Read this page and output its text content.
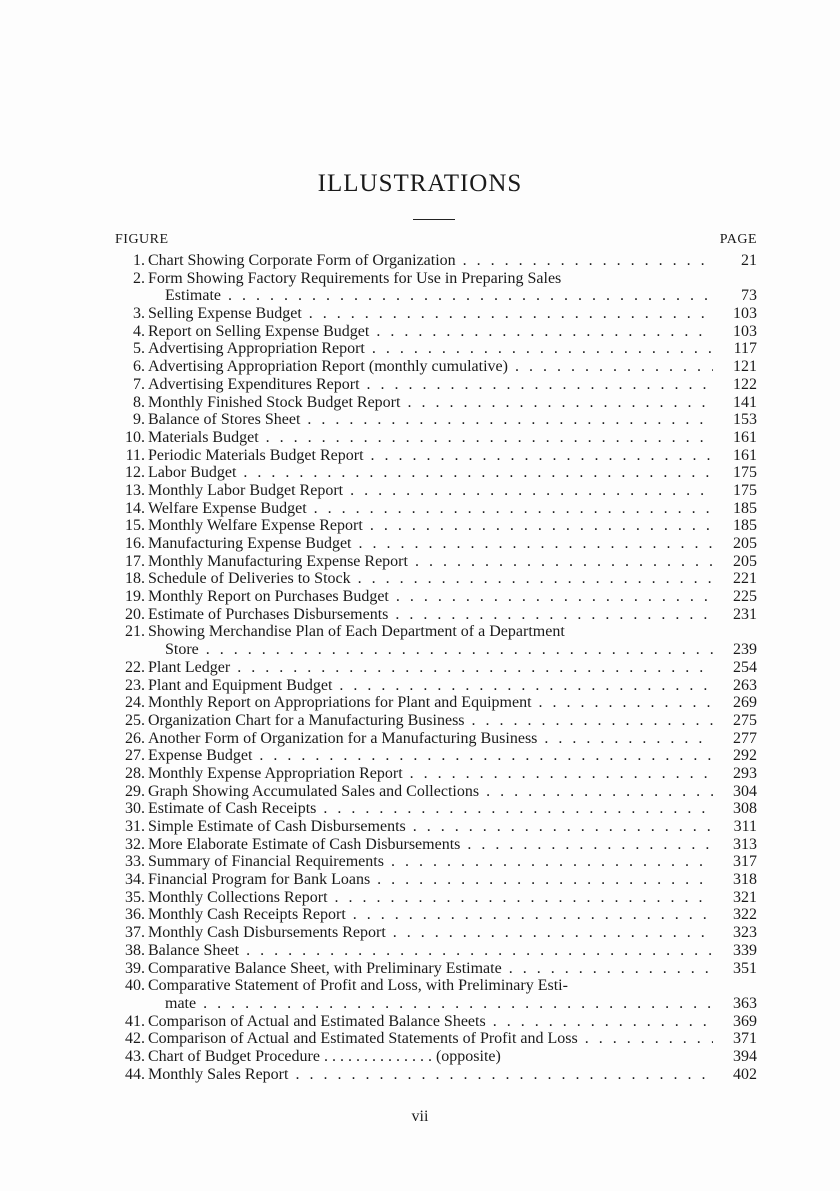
ILLUSTRATIONS
FIGURE	PAGE
1. Chart Showing Corporate Form of Organization . . .	21
2. Form Showing Factory Requirements for Use in Preparing Sales
Estimate . . .	73
3. Selling Expense Budget . . .	103
4. Report on Selling Expense Budget . . .	103
5. Advertising Appropriation Report . . .	117
6. Advertising Appropriation Report (monthly cumulative) . . .	121
7. Advertising Expenditures Report . . .	122
8. Monthly Finished Stock Budget Report . . .	141
9. Balance of Stores Sheet . . .	153
10. Materials Budget . . .	161
11. Periodic Materials Budget Report . . .	161
12. Labor Budget . . .	175
13. Monthly Labor Budget Report . . .	175
14. Welfare Expense Budget . . .	185
15. Monthly Welfare Expense Report . . .	185
16. Manufacturing Expense Budget . . .	205
17. Monthly Manufacturing Expense Report . . .	205
18. Schedule of Deliveries to Stock . . .	221
19. Monthly Report on Purchases Budget . . .	225
20. Estimate of Purchases Disbursements . . .	231
21. Showing Merchandise Plan of Each Department of a Department
Store . . .	239
22. Plant Ledger . . .	254
23. Plant and Equipment Budget . . .	263
24. Monthly Report on Appropriations for Plant and Equipment . . .	269
25. Organization Chart for a Manufacturing Business . . .	275
26. Another Form of Organization for a Manufacturing Business . . .	277
27. Expense Budget . . .	292
28. Monthly Expense Appropriation Report . . .	293
29. Graph Showing Accumulated Sales and Collections . . .	304
30. Estimate of Cash Receipts . . .	308
31. Simple Estimate of Cash Disbursements . . .	311
32. More Elaborate Estimate of Cash Disbursements . . .	313
33. Summary of Financial Requirements . . .	317
34. Financial Program for Bank Loans . . .	318
35. Monthly Collections Report . . .	321
36. Monthly Cash Receipts Report . . .	322
37. Monthly Cash Disbursements Report . . .	323
38. Balance Sheet . . .	339
39. Comparative Balance Sheet, with Preliminary Estimate . . .	351
40. Comparative Statement of Profit and Loss, with Preliminary Esti-
mate . . .	363
41. Comparison of Actual and Estimated Balance Sheets . . .	369
42. Comparison of Actual and Estimated Statements of Profit and Loss . . .	371
43. Chart of Budget Procedure . . . . . . . . . . . . . . (opposite)	394
44. Monthly Sales Report . . .	402
vii
